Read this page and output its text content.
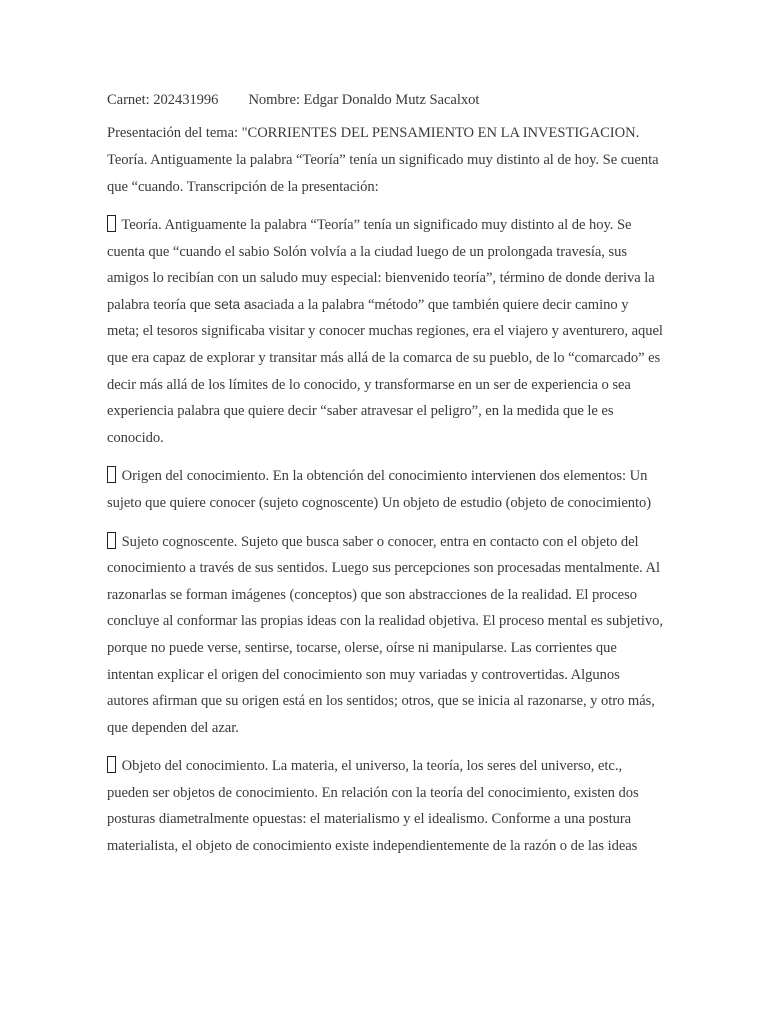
Carnet: 202431996 Nombre: Edgar Donaldo Mutz Sacalxot
Presentación del tema: "CORRIENTES DEL PENSAMIENTO EN LA INVESTIGACION. Teoría. Antiguamente la palabra “Teoría” tenía un significado muy distinto al de hoy. Se cuenta que “cuando. Transcripción de la presentación:
Teoría. Antiguamente la palabra “Teoría” tenía un significado muy distinto al de hoy. Se cuenta que “cuando el sabio Solón volvía a la ciudad luego de un prolongada travesía, sus amigos lo recibían con un saludo muy especial: bienvenido teoría”, término de donde deriva la palabra teoría que seta asaciada a la palabra “método” que también quiere decir camino y meta; el tesoros significaba visitar y conocer muchas regiones, era el viajero y aventurero, aquel que era capaz de explorar y transitar más allá de la comarca de su pueblo, de lo “comarcado” es decir más allá de los límites de lo conocido, y transformarse en un ser de experiencia o sea experiencia palabra que quiere decir “saber atravesar el peligro”, en la medida que le es conocido.
Origen del conocimiento. En la obtención del conocimiento intervienen dos elementos: Un sujeto que quiere conocer (sujeto cognoscente) Un objeto de estudio (objeto de conocimiento)
Sujeto cognoscente. Sujeto que busca saber o conocer, entra en contacto con el objeto del conocimiento a través de sus sentidos. Luego sus percepciones son procesadas mentalmente. Al razonarlas se forman imágenes (conceptos) que son abstracciones de la realidad. El proceso concluye al conformar las propias ideas con la realidad objetiva. El proceso mental es subjetivo, porque no puede verse, sentirse, tocarse, olerse, oírse ni manipularse. Las corrientes que intentan explicar el origen del conocimiento son muy variadas y controvertidas. Algunos autores afirman que su origen está en los sentidos; otros, que se inicia al razonarse, y otro más, que dependen del azar.
Objeto del conocimiento. La materia, el universo, la teoría, los seres del universo, etc., pueden ser objetos de conocimiento. En relación con la teoría del conocimiento, existen dos posturas diametralmente opuestas: el materialismo y el idealismo. Conforme a una postura materialista, el objeto de conocimiento existe independientemente de la razón o de las ideas
